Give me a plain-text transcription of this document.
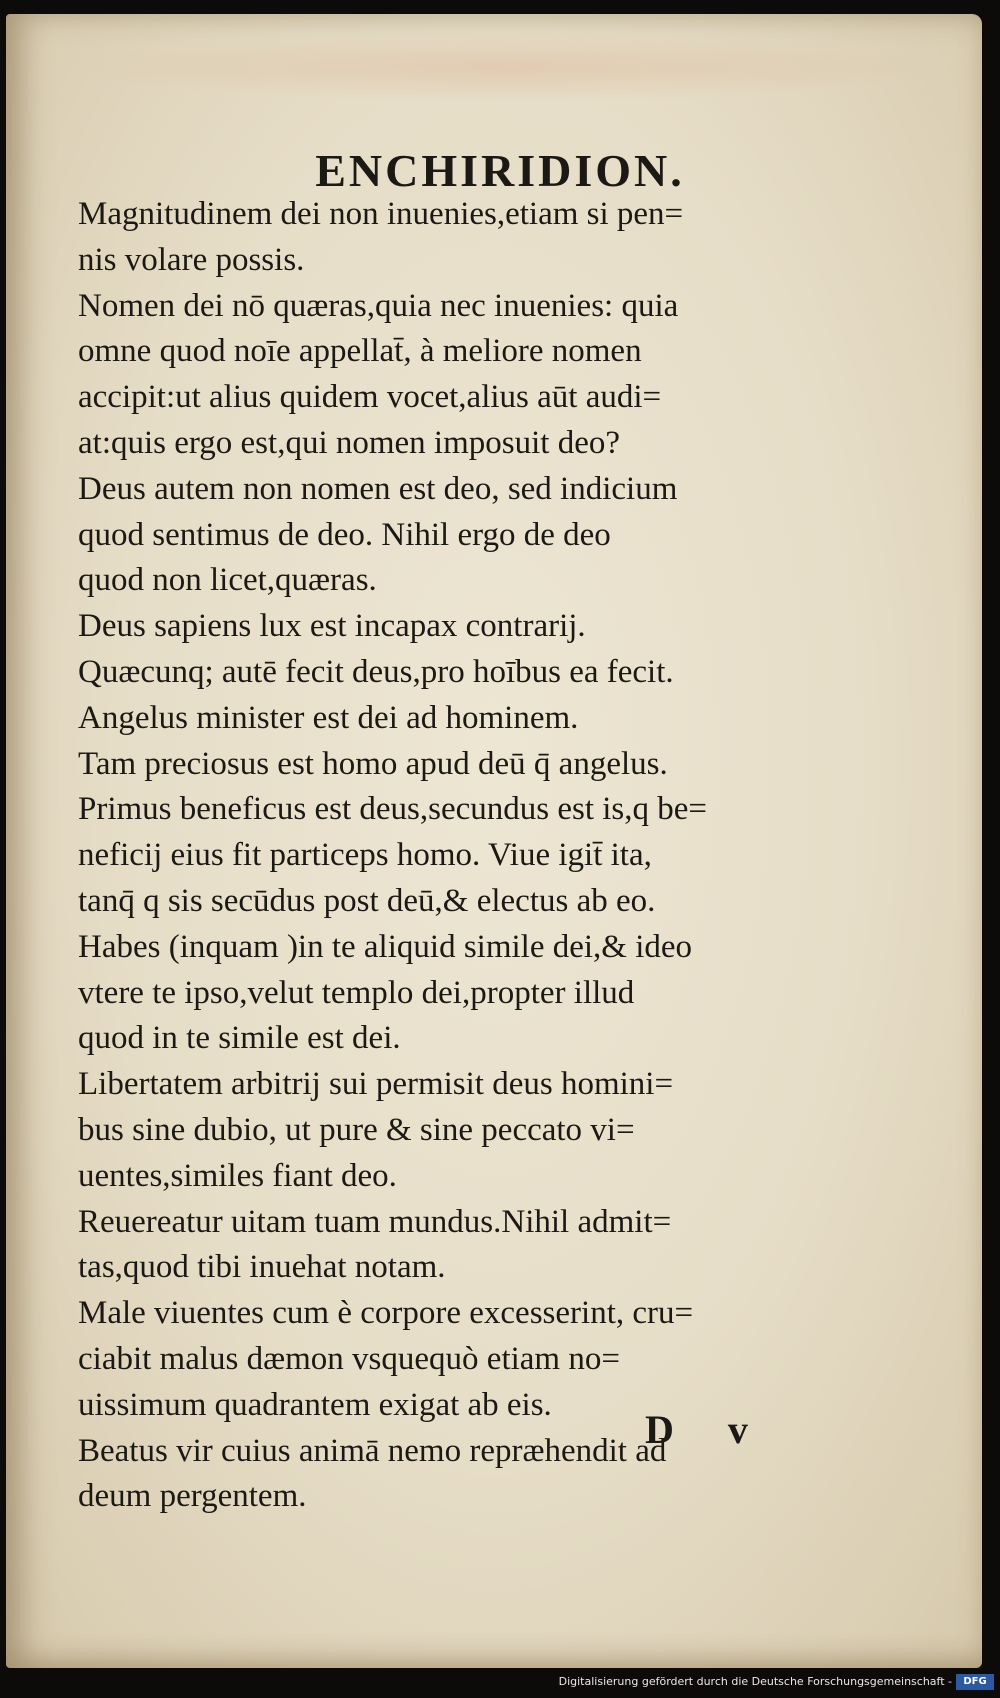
ENCHIRIDION.
Magnitudinem dei non inuenies,etiam si pen=
nis volare possis.
Nomen dei nō quæras,quia nec inuenies: quia
omne quod noīe appellat̄, à meliore nomen
accipit:ut alius quidem vocet,alius aūt audi=
at:quis ergo est,qui nomen imposuit deo?
Deus autem non nomen est deo, sed indicium
quod sentimus de deo. Nihil ergo de deo
quod non licet,quæras.
Deus sapiens lux est incapax contrarij.
Quæcunq; autē fecit deus,pro hoībus ea fecit.
Angelus minister est dei ad hominem.
Tam preciosus est homo apud deū q̄ angelus.
Primus beneficus est deus,secundus est is,q be=
neficij eius fit particeps homo. Viue igit̄ ita,
tanq̄ q sis secūdus post deū,& electus ab eo.
Habes (inquam )in te aliquid simile dei,& ideo
vtere te ipso,velut templo dei,propter illud
quod in te simile est dei.
Libertatem arbitrij sui permisit deus homini=
bus sine dubio, ut pure & sine peccato vi=
uentes,similes fiant deo.
Reuereatur uitam tuam mundus.Nihil admit=
tas,quod tibi inuehat notam.
Male viuentes cum è corpore excesserint, cru=
ciabit malus dæmon vsquequò etiam no=
uissimum quadrantem exigat ab eis.
Beatus vir cuius animā nemo repræhendit ad
deum pergentem.
D v
Digitalisierung gefördert durch die Deutsche Forschungsgemeinschaft -	DFG
